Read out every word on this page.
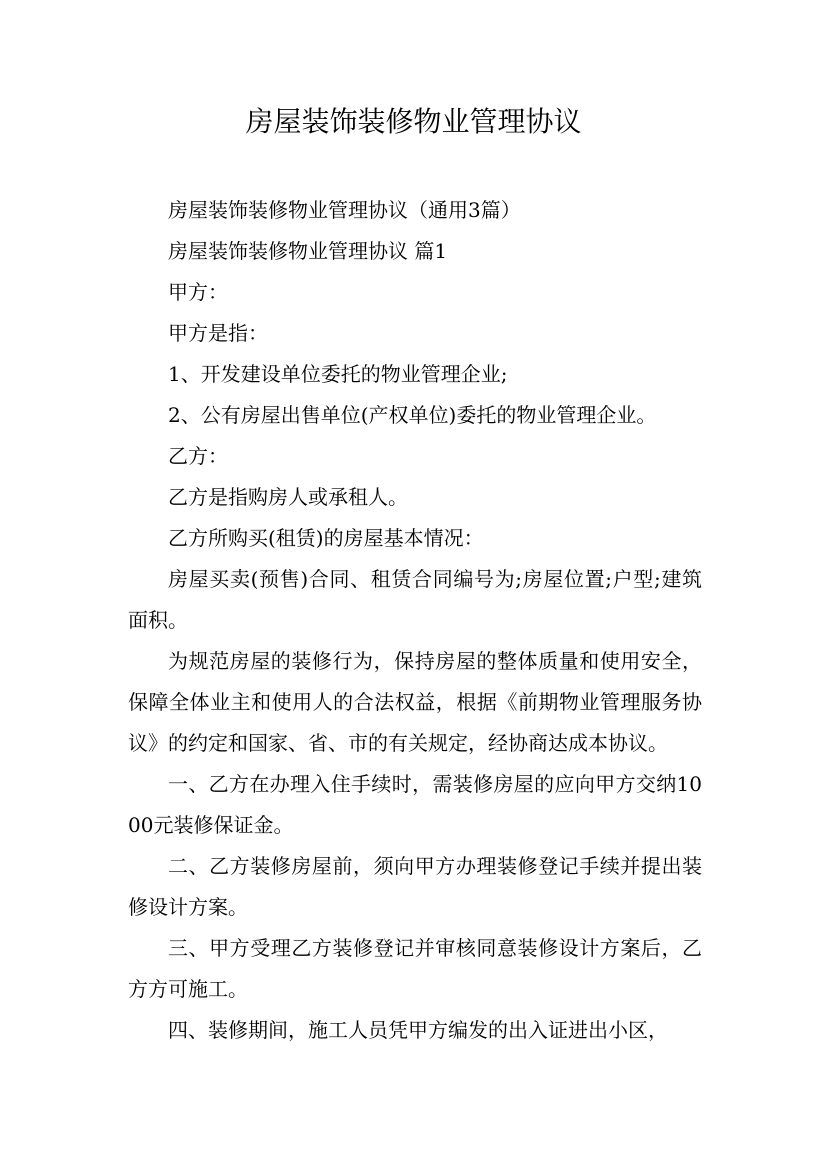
房屋装饰装修物业管理协议

房屋装饰装修物业管理协议（通用3篇）

房屋装饰装修物业管理协议 篇1

甲方：

甲方是指：

1、开发建设单位委托的物业管理企业;

2、公有房屋出售单位(产权单位)委托的物业管理企业。

乙方：

乙方是指购房人或承租人。

乙方所购买(租赁)的房屋基本情况：

房屋买卖(预售)合同、租赁合同编号为;房屋位置;户型;建筑面积。

为规范房屋的装修行为，保持房屋的整体质量和使用安全，保障全体业主和使用人的合法权益，根据《前期物业管理服务协议》的约定和国家、省、市的有关规定，经协商达成本协议。

一、乙方在办理入住手续时，需装修房屋的应向甲方交纳1000元装修保证金。

二、乙方装修房屋前，须向甲方办理装修登记手续并提出装修设计方案。

三、甲方受理乙方装修登记并审核同意装修设计方案后，乙方方可施工。

四、装修期间，施工人员凭甲方编发的出入证进出小区，
